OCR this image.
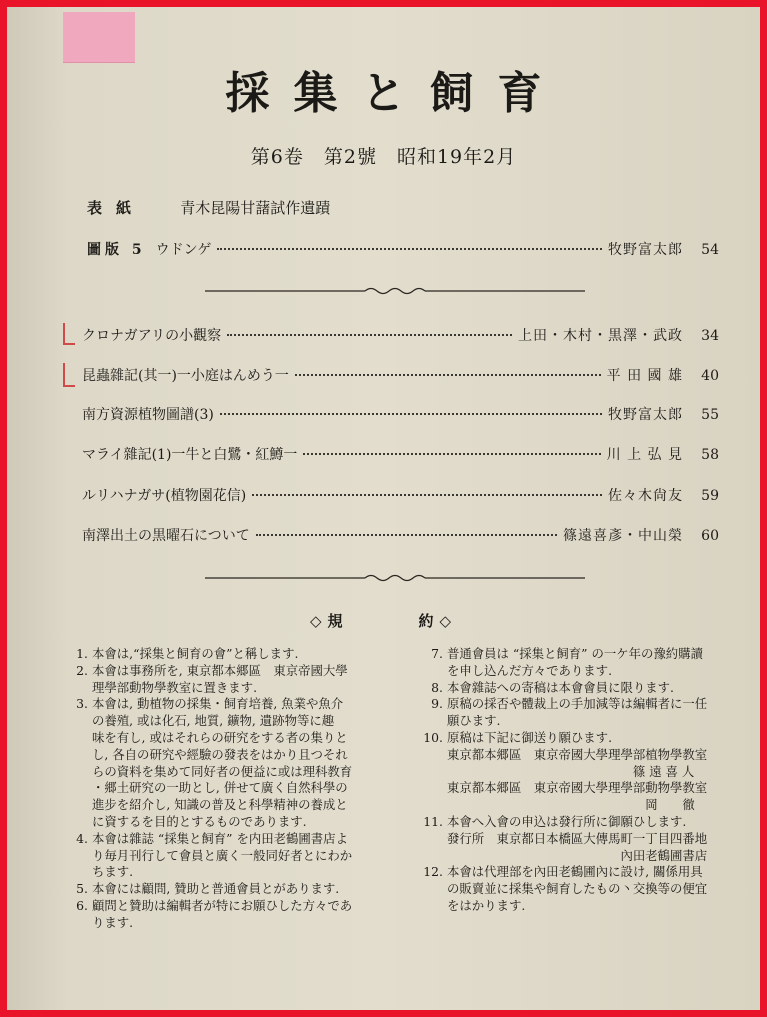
採集と飼育
第6卷　第2號　昭和19年2月
表紙 青木昆陽甘藷試作遺蹟
圖版 5 ウドンゲ	牧野富太郎	54
クロナガアリの小觀察	上田・木村・黒澤・武政	34
昆蟲雜記(其一)一小庭はんめう一	平 田 國 雄	40
南方資源植物圖譜(3)	牧野富太郎	55
マライ雜記(1)一牛と白鷺・紅鱒一	川 上 弘 見	58
ルリハナガサ(植物園花信)	佐々木尙友	59
南澤出土の黒曜石について	篠遠喜彥・中山榮	60
◇規	約◇
1. 本會は,“採集と飼育の會”と稱します.
2. 本會は事務所を, 東京都本郷區　東京帝國大學
理學部動物學教室に置きます.
3. 本會は, 動植物の採集・飼育培養, 魚業や魚介
の養殖, 或は化石, 地質, 鑛物, 遺跡物等に趣
味を有し, 或はそれらの研究をする者の集りと
し, 各自の研究や經驗の發表をはかり且つそれ
らの資料を集めて同好者の便益に或は理科教育
・郷土研究の一助とし, 併せて廣く自然科學の
進步を紹介し, 知識の普及と科學精神の養成と
に資するを目的とするものであります.
4. 本會は雜誌 “採集と飼育” を内田老鶴圃書店よ
り毎月刊行して會員と廣く一般同好者とにわか
ちます.
5. 本會には顧問, 贊助と普通會員とがあります.
6. 顧問と贊助は編輯者が特にお願ひした方々であ
ります.
7. 普通會員は “採集と飼育” の一ケ年の豫約購讀
を申し込んだ方々であります.
8. 本會雜誌への寄稿は本會會員に限ります.
9. 原稿の採否や體裁上の手加減等は編輯者に一任
願ひます.
10. 原稿は下記に御送り願ひます.
東京都本郷區　東京帝國大學理學部植物學教室
　　　　　　　　　　　　　　　篠 遠 喜 人
東京都本郷區　東京帝國大學理學部動物學教室
　　　　　　　　　　　　　　　　岡　　徹
11. 本會へ入會の申込は發行所に御願ひします.
發行所　東京都日本橋區大傳馬町一丁目四番地
　　　　　　　　　　　　　　內田老鶴圃書店
12. 本會は代理部を內田老鶴圃內に設け, 關係用具
の販賣並に採集や飼育したもの丶交換等の便宜
をはかります.
